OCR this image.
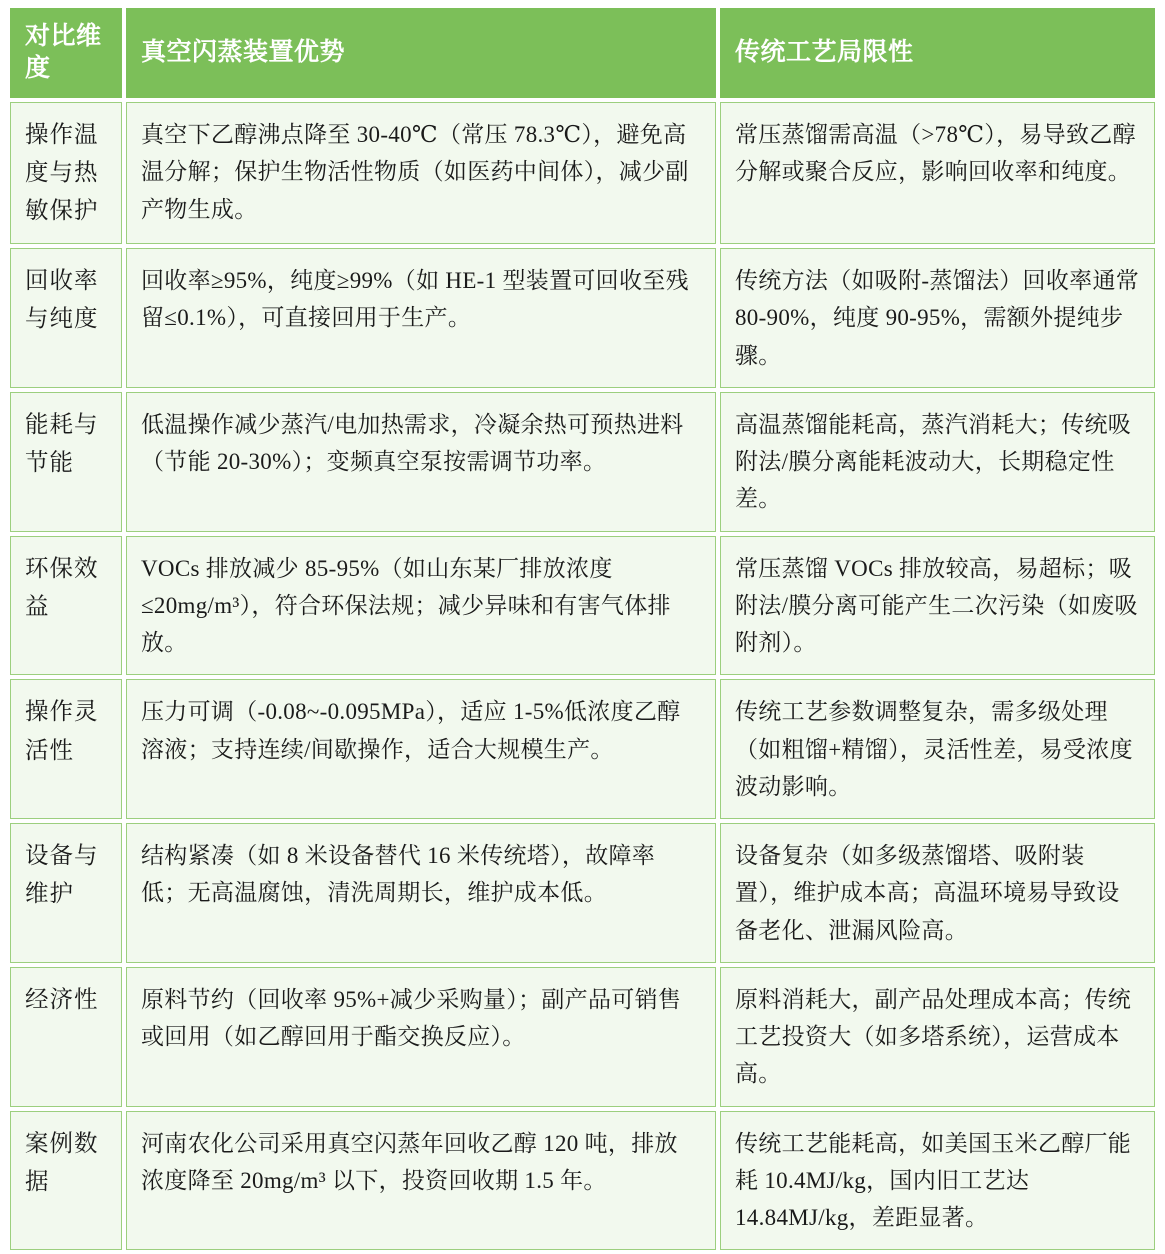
对比维度	真空闪蒸装置优势	传统工艺局限性
操作温度与热敏保护	真空下乙醇沸点降至 30-40℃（常压 78.3℃），避免高温分解；保护生物活性物质（如医药中间体），减少副产物生成。	常压蒸馏需高温（>78℃），易导致乙醇分解或聚合反应，影响回收率和纯度。
回收率与纯度	回收率≥95%，纯度≥99%（如 HE-1 型装置可回收至残留≤0.1%），可直接回用于生产。	传统方法（如吸附-蒸馏法）回收率通常 80-90%，纯度 90-95%，需额外提纯步骤。
能耗与节能	低温操作减少蒸汽/电加热需求，冷凝余热可预热进料（节能 20-30%）；变频真空泵按需调节功率。	高温蒸馏能耗高，蒸汽消耗大；传统吸附法/膜分离能耗波动大，长期稳定性差。
环保效益	VOCs 排放减少 85-95%（如山东某厂排放浓度≤20mg/m³），符合环保法规；减少异味和有害气体排放。	常压蒸馏 VOCs 排放较高，易超标；吸附法/膜分离可能产生二次污染（如废吸附剂）。
操作灵活性	压力可调（-0.08~-0.095MPa），适应 1-5%低浓度乙醇溶液；支持连续/间歇操作，适合大规模生产。	传统工艺参数调整复杂，需多级处理（如粗馏+精馏），灵活性差，易受浓度波动影响。
设备与维护	结构紧凑（如 8 米设备替代 16 米传统塔），故障率低；无高温腐蚀，清洗周期长，维护成本低。	设备复杂（如多级蒸馏塔、吸附装置），维护成本高；高温环境易导致设备老化、泄漏风险高。
经济性	原料节约（回收率 95%+减少采购量）；副产品可销售或回用（如乙醇回用于酯交换反应）。	原料消耗大，副产品处理成本高；传统工艺投资大（如多塔系统），运营成本高。
案例数据	河南农化公司采用真空闪蒸年回收乙醇 120 吨，排放浓度降至 20mg/m³ 以下，投资回收期 1.5 年。	传统工艺能耗高，如美国玉米乙醇厂能耗 10.4MJ/kg，国内旧工艺达 14.84MJ/kg，差距显著。
